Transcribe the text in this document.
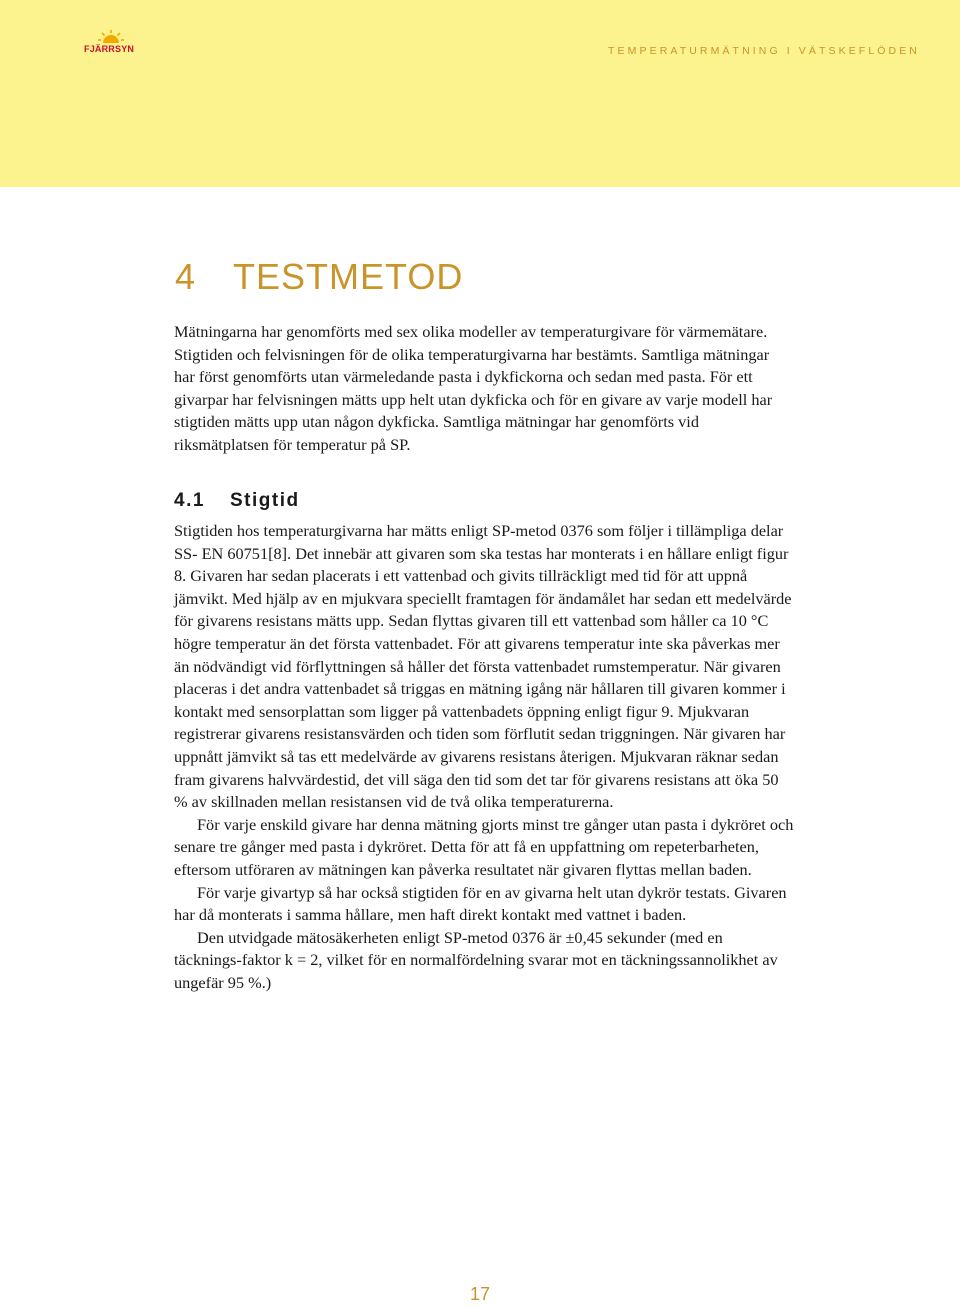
FJÄRRSYN	TEMPERATURMÄTNING I VÄTSKEFLÖDEN
4 TESTMETOD

Mätningarna har genomförts med sex olika modeller av temperaturgivare för värmemätare. Stigtiden och felvisningen för de olika temperaturgivarna har bestämts. Samtliga mätningar har först genomförts utan värmeledande pasta i dykfickorna och sedan med pasta. För ett givarpar har felvisningen mätts upp helt utan dykficka och för en givare av varje modell har stigtiden mätts upp utan någon dykficka. Samtliga mätningar har genomförts vid riksmätplatsen för temperatur på SP.

4.1 Stigtid

Stigtiden hos temperaturgivarna har mätts enligt SP-metod 0376 som följer i tillämpliga delar SS- EN 60751[8]. Det innebär att givaren som ska testas har monterats i en hållare enligt figur 8. Givaren har sedan placerats i ett vattenbad och givits tillräckligt med tid för att uppnå jämvikt. Med hjälp av en mjukvara speciellt framtagen för ändamålet har sedan ett medelvärde för givarens resistans mätts upp. Sedan flyttas givaren till ett vattenbad som håller ca 10 °C högre temperatur än det första vattenbadet. För att givarens temperatur inte ska påverkas mer än nödvändigt vid förflyttningen så håller det första vattenbadet rumstemperatur. När givaren placeras i det andra vattenbadet så triggas en mätning igång när hållaren till givaren kommer i kontakt med sensorplattan som ligger på vattenbadets öppning enligt figur 9. Mjukvaran registrerar givarens resistansvärden och tiden som förflutit sedan triggningen. När givaren har uppnått jämvikt så tas ett medelvärde av givarens resistans återigen. Mjukvaran räknar sedan fram givarens halvvärdestid, det vill säga den tid som det tar för givarens resistans att öka 50 % av skillnaden mellan resistansen vid de två olika temperaturerna.

För varje enskild givare har denna mätning gjorts minst tre gånger utan pasta i dykröret och senare tre gånger med pasta i dykröret. Detta för att få en uppfattning om repeterbarheten, eftersom utföraren av mätningen kan påverka resultatet när givaren flyttas mellan baden.

För varje givartyp så har också stigtiden för en av givarna helt utan dykrör testats. Givaren har då monterats i samma hållare, men haft direkt kontakt med vattnet i baden.

Den utvidgade mätosäkerheten enligt SP-metod 0376 är ±0,45 sekunder (med en täcknings-faktor k = 2, vilket för en normalfördelning svarar mot en täckningssannolikhet av ungefär 95 %.)

17
